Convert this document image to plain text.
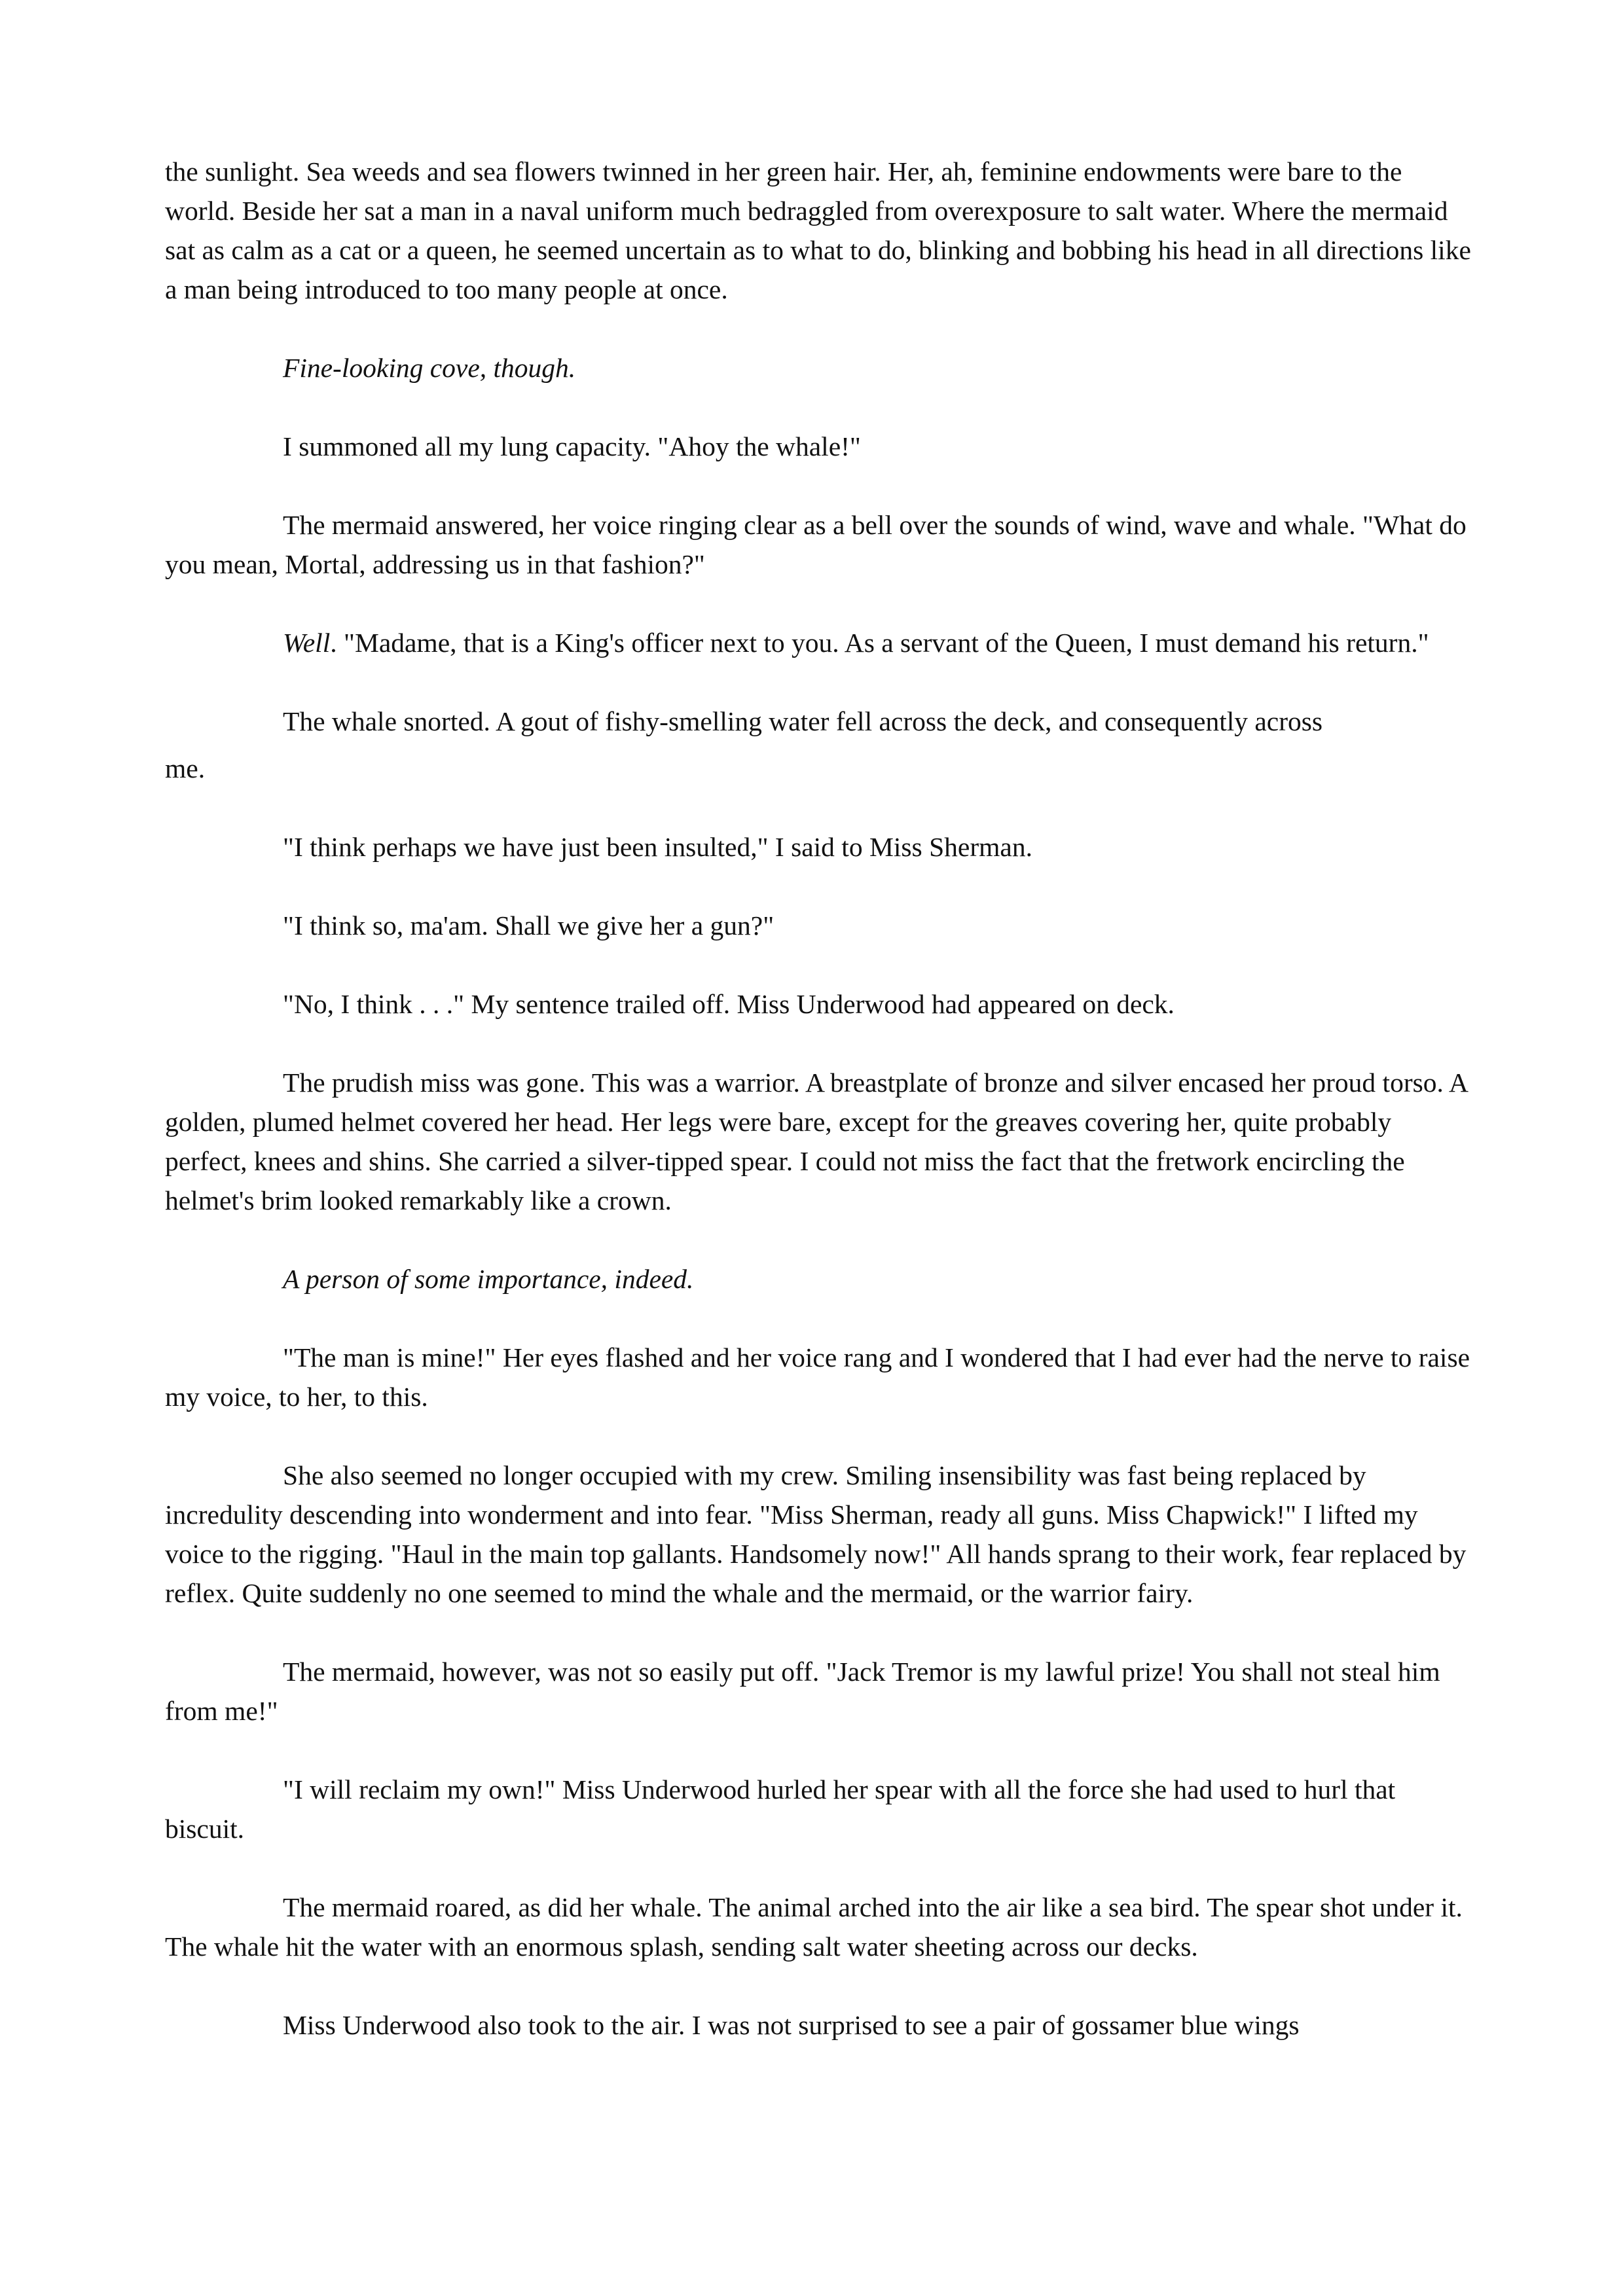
the sunlight. Sea weeds and sea flowers twinned in her green hair. Her, ah, feminine endowments were bare to the world. Beside her sat a man in a naval uniform much bedraggled from overexposure to salt water. Where the mermaid sat as calm as a cat or a queen, he seemed uncertain as to what to do, blinking and bobbing his head in all directions like a man being introduced to too many people at once.

Fine-looking cove, though.

I summoned all my lung capacity. "Ahoy the whale!"

The mermaid answered, her voice ringing clear as a bell over the sounds of wind, wave and whale. "What do you mean, Mortal, addressing us in that fashion?"

Well. "Madame, that is a King's officer next to you. As a servant of the Queen, I must demand his return."

The whale snorted. A gout of fishy-smelling water fell across the deck, and consequently across
me.

"I think perhaps we have just been insulted," I said to Miss Sherman.

"I think so, ma'am. Shall we give her a gun?"

"No, I think . . ." My sentence trailed off. Miss Underwood had appeared on deck.

The prudish miss was gone. This was a warrior. A breastplate of bronze and silver encased her proud torso. A golden, plumed helmet covered her head. Her legs were bare, except for the greaves covering her, quite probably perfect, knees and shins. She carried a silver-tipped spear. I could not miss the fact that the fretwork encircling the helmet's brim looked remarkably like a crown.

A person of some importance, indeed.

"The man is mine!" Her eyes flashed and her voice rang and I wondered that I had ever had the nerve to raise my voice, to her, to this.

She also seemed no longer occupied with my crew. Smiling insensibility was fast being replaced by incredulity descending into wonderment and into fear. "Miss Sherman, ready all guns. Miss Chapwick!" I lifted my voice to the rigging. "Haul in the main top gallants. Handsomely now!" All hands sprang to their work, fear replaced by reflex. Quite suddenly no one seemed to mind the whale and the mermaid, or the warrior fairy.

The mermaid, however, was not so easily put off. "Jack Tremor is my lawful prize! You shall not steal him from me!"

"I will reclaim my own!" Miss Underwood hurled her spear with all the force she had used to hurl that biscuit.

The mermaid roared, as did her whale. The animal arched into the air like a sea bird. The spear shot under it. The whale hit the water with an enormous splash, sending salt water sheeting across our decks.

Miss Underwood also took to the air. I was not surprised to see a pair of gossamer blue wings
